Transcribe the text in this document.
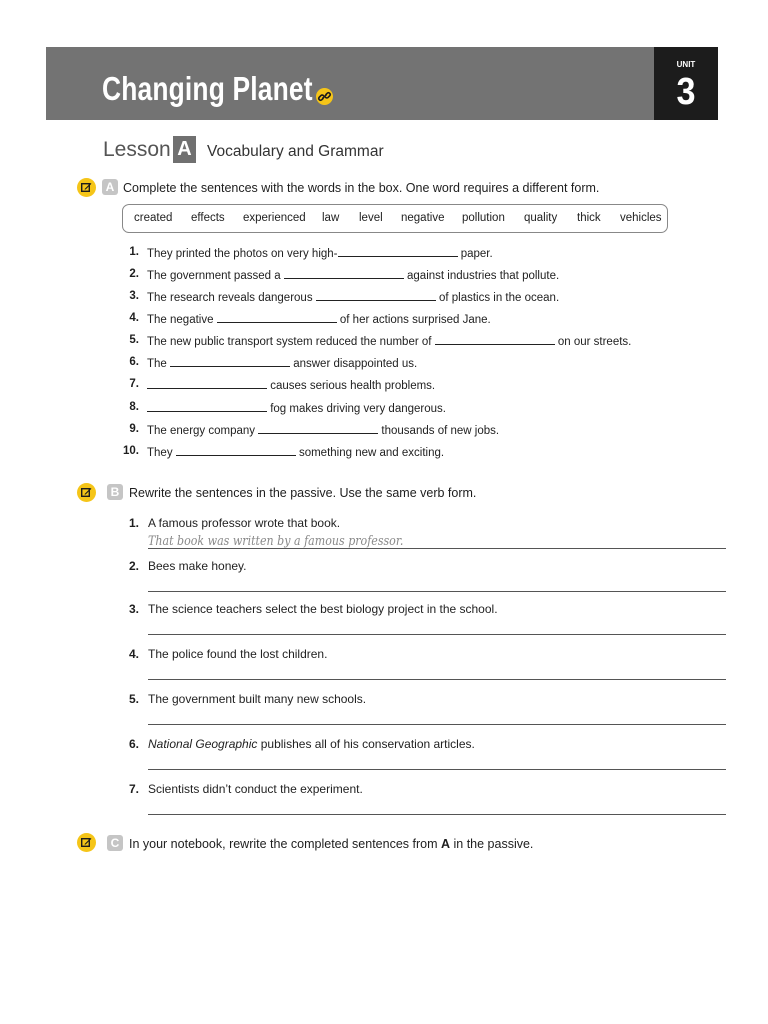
Changing Planet
UNIT
3
Lesson A Vocabulary and Grammar
A Complete the sentences with the words in the box. One word requires a different form.
created effects experienced law level negative pollution quality thick vehicles
1. They printed the photos on very high-	paper.
2. The government passed a	against industries that pollute.
3. The research reveals dangerous	of plastics in the ocean.
4. The negative	of her actions surprised Jane.
5. The new public transport system reduced the number of	on our streets.
6. The	answer disappointed us.
7.	causes serious health problems.
8.	fog makes driving very dangerous.
9. The energy company	thousands of new jobs.
10. They	something new and exciting.
B Rewrite the sentences in the passive. Use the same verb form.
1. A famous professor wrote that book.
That book was written by a famous professor.
2. Bees make honey.
3. The science teachers select the best biology project in the school.
4. The police found the lost children.
5. The government built many new schools.
6. National Geographic publishes all of his conservation articles.
7. Scientists didn’t conduct the experiment.
C In your notebook, rewrite the completed sentences from A in the passive.
